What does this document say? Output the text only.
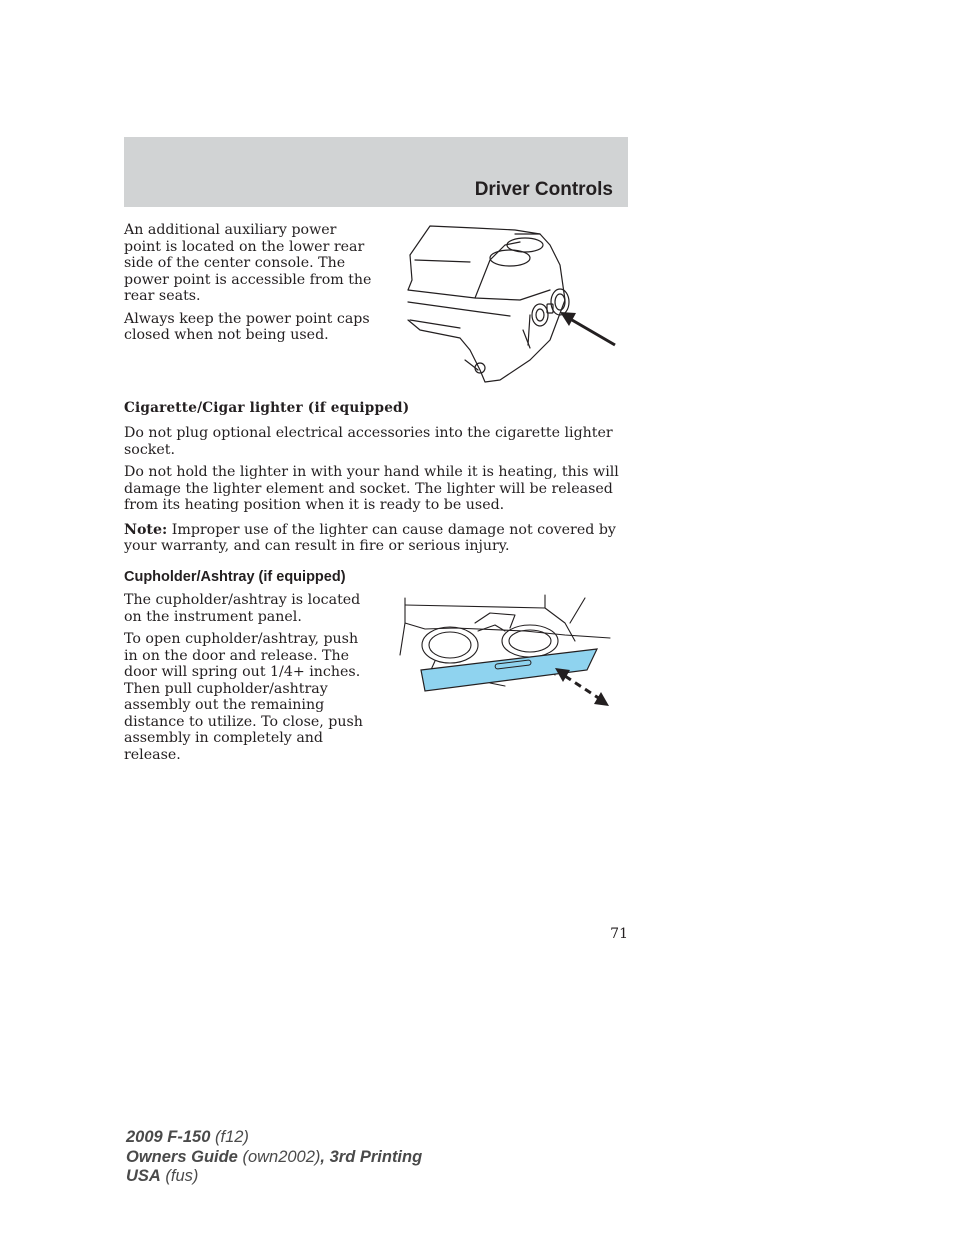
Driver Controls

An additional auxiliary power point is located on the lower rear side of the center console. The power point is accessible from the rear seats.

Always keep the power point caps closed when not being used.

Cigarette/Cigar lighter (if equipped)

Do not plug optional electrical accessories into the cigarette lighter socket.

Do not hold the lighter in with your hand while it is heating, this will damage the lighter element and socket. The lighter will be released from its heating position when it is ready to be used.

Note: Improper use of the lighter can cause damage not covered by your warranty, and can result in fire or serious injury.

Cupholder/Ashtray (if equipped)

The cupholder/ashtray is located on the instrument panel.

To open cupholder/ashtray, push in on the door and release. The door will spring out 1/4+ inches. Then pull cupholder/ashtray assembly out the remaining distance to utilize. To close, push assembly in completely and release.

71
2009 F-150 (f12)
Owners Guide (own2002), 3rd Printing
USA (fus)
